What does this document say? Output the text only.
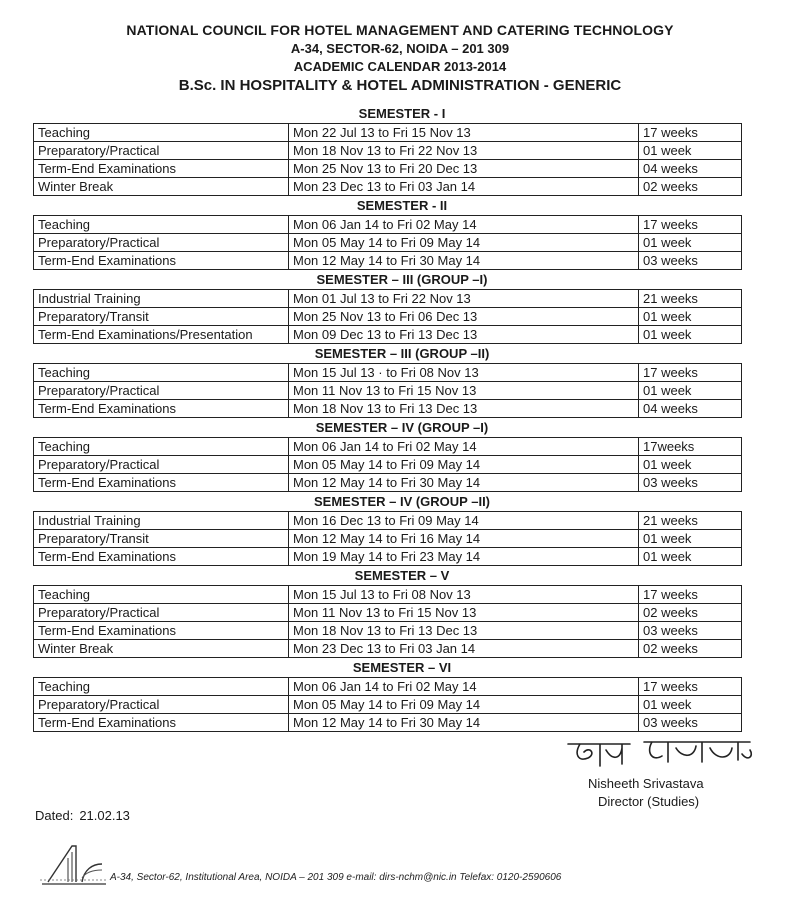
NATIONAL COUNCIL FOR HOTEL MANAGEMENT AND CATERING TECHNOLOGY
A-34, SECTOR-62, NOIDA – 201 309
ACADEMIC CALENDAR 2013-2014
B.Sc. IN HOSPITALITY & HOTEL ADMINISTRATION - GENERIC
SEMESTER - I
Teaching	Mon 22 Jul 13 to Fri 15 Nov 13	17 weeks
Preparatory/Practical	Mon 18 Nov 13 to Fri 22 Nov 13	01 week
Term-End Examinations	Mon 25 Nov 13 to Fri 20 Dec 13	04 weeks
Winter Break	Mon 23 Dec 13 to Fri 03 Jan 14	02 weeks
SEMESTER - II
Teaching	Mon 06 Jan 14 to Fri 02 May 14	17 weeks
Preparatory/Practical	Mon 05 May 14 to Fri 09 May 14	01 week
Term-End Examinations	Mon 12 May 14 to Fri 30 May 14	03 weeks
SEMESTER – III (GROUP –I)
Industrial Training	Mon 01 Jul 13 to Fri 22 Nov 13	21 weeks
Preparatory/Transit	Mon 25 Nov 13 to Fri 06 Dec 13	01 week
Term-End Examinations/Presentation	Mon 09 Dec 13 to Fri 13 Dec 13	01 week
SEMESTER – III (GROUP –II)
Teaching	Mon 15 Jul 13 · to Fri 08 Nov 13	17 weeks
Preparatory/Practical	Mon 11 Nov 13 to Fri 15 Nov 13	01 week
Term-End Examinations	Mon 18 Nov 13 to Fri 13 Dec 13	04 weeks
SEMESTER – IV (GROUP –I)
Teaching	Mon 06 Jan 14 to Fri 02 May 14	17weeks
Preparatory/Practical	Mon 05 May 14 to Fri 09 May 14	01 week
Term-End Examinations	Mon 12 May 14 to Fri 30 May 14	03 weeks
SEMESTER – IV (GROUP –II)
Industrial Training	Mon 16 Dec 13 to Fri 09 May 14	21 weeks
Preparatory/Transit	Mon 12 May 14 to Fri 16 May 14	01 week
Term-End Examinations	Mon 19 May 14 to Fri 23 May 14	01 week
SEMESTER – V
Teaching	Mon 15 Jul 13 to Fri 08 Nov 13	17 weeks
Preparatory/Practical	Mon 11 Nov 13 to Fri 15 Nov 13	02 weeks
Term-End Examinations	Mon 18 Nov 13 to Fri 13 Dec 13	03 weeks
Winter Break	Mon 23 Dec 13 to Fri 03 Jan 14	02 weeks
SEMESTER – VI
Teaching	Mon 06 Jan 14 to Fri 02 May 14	17 weeks
Preparatory/Practical	Mon 05 May 14 to Fri 09 May 14	01 week
Term-End Examinations	Mon 12 May 14 to Fri 30 May 14	03 weeks
Nisheeth Srivastava
Director (Studies)
Dated: 21.02.13
A-34, Sector-62, Institutional Area, NOIDA – 201 309 e-mail: dirs-nchm@nic.in Telefax: 0120-2590606
